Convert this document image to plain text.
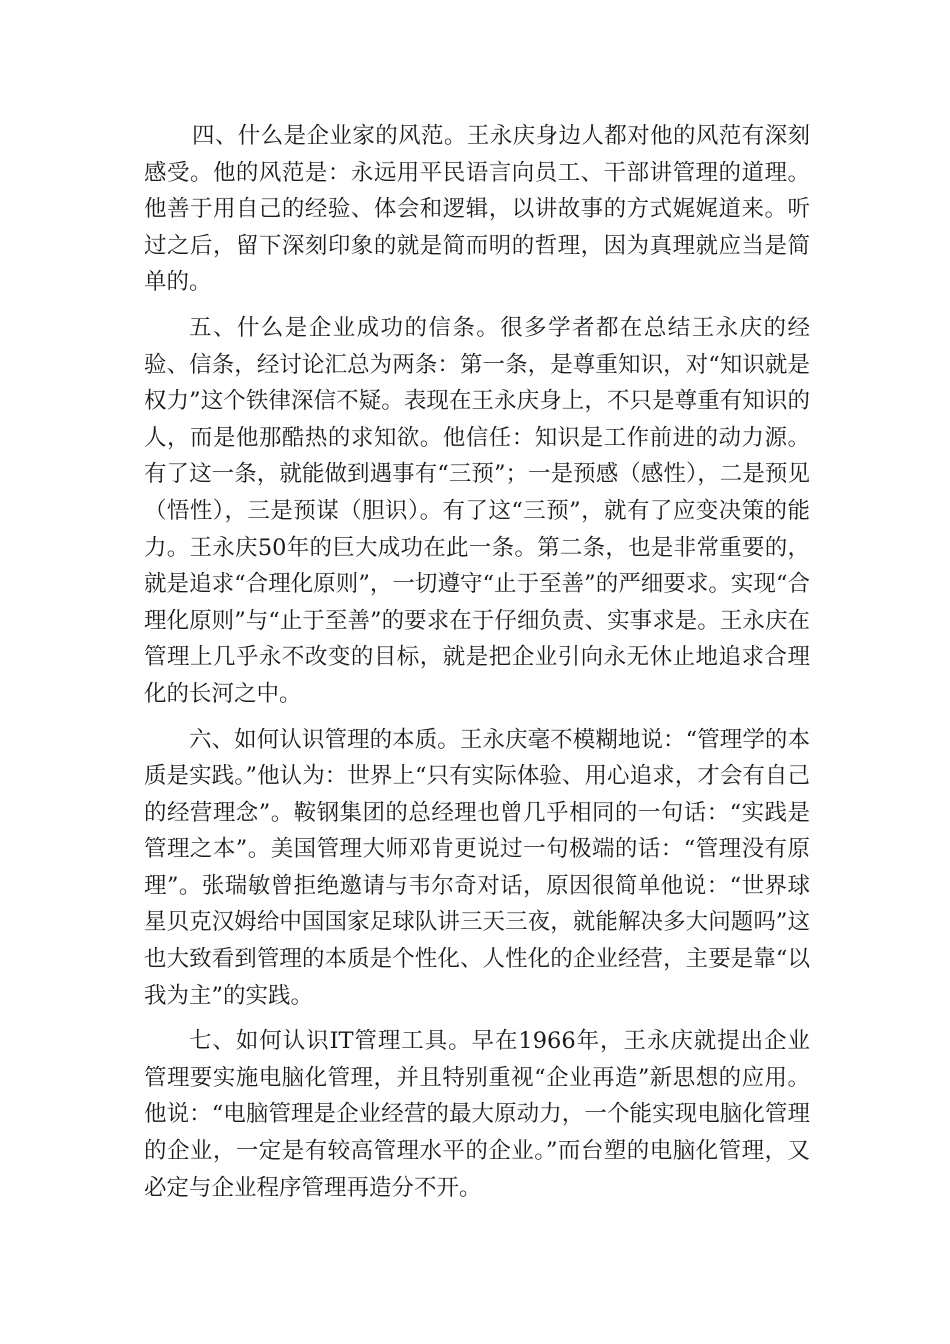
四、什么是企业家的风范。王永庆身边人都对他的风范有深刻感受。他的风范是：永远用平民语言向员工、干部讲管理的道理。他善于用自己的经验、体会和逻辑，以讲故事的方式娓娓道来。听过之后，留下深刻印象的就是简而明的哲理，因为真理就应当是简单的。

五、什么是企业成功的信条。很多学者都在总结王永庆的经验、信条，经讨论汇总为两条：第一条，是尊重知识，对“知识就是权力”这个铁律深信不疑。表现在王永庆身上，不只是尊重有知识的人，而是他那酷热的求知欲。他信任：知识是工作前进的动力源。有了这一条，就能做到遇事有“三预”；一是预感（感性），二是预见（悟性），三是预谋（胆识）。有了这“三预”，就有了应变决策的能力。王永庆50年的巨大成功在此一条。第二条，也是非常重要的，就是追求“合理化原则”，一切遵守“止于至善”的严细要求。实现“合理化原则”与“止于至善”的要求在于仔细负责、实事求是。王永庆在管理上几乎永不改变的目标，就是把企业引向永无休止地追求合理化的长河之中。

六、如何认识管理的本质。王永庆毫不模糊地说：“管理学的本质是实践。”他认为：世界上“只有实际体验、用心追求，才会有自己的经营理念”。鞍钢集团的总经理也曾几乎相同的一句话：“实践是管理之本”。美国管理大师邓肯更说过一句极端的话：“管理没有原理”。张瑞敏曾拒绝邀请与韦尔奇对话，原因很简单他说：“世界球星贝克汉姆给中国国家足球队讲三天三夜，就能解决多大问题吗”这也大致看到管理的本质是个性化、人性化的企业经营，主要是靠“以我为主”的实践。

七、如何认识IT管理工具。早在1966年，王永庆就提出企业管理要实施电脑化管理，并且特别重视“企业再造”新思想的应用。他说：“电脑管理是企业经营的最大原动力，一个能实现电脑化管理的企业，一定是有较高管理水平的企业。”而台塑的电脑化管理，又必定与企业程序管理再造分不开。
